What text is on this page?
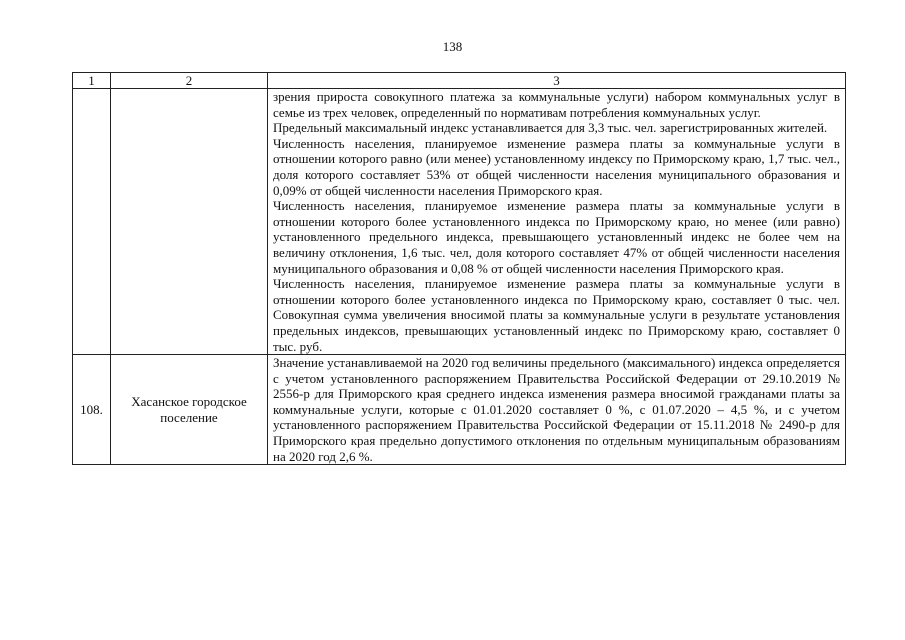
138
1	2	3

		зрения прироста совокупного платежа за коммунальные услуги) набором коммунальных услуг в семье из трех человек, определенный по нормативам потребления коммунальных услуг.

Предельный максимальный индекс устанавливается для 3,3 тыс. чел. зарегистрированных жителей.

Численность населения, планируемое изменение размера платы за коммунальные услуги в отношении которого равно (или менее) установленному индексу по Приморскому краю, 1,7 тыс. чел., доля которого составляет 53% от общей численности населения муниципального образования и 0,09% от общей численности населения Приморского края.

Численность населения, планируемое изменение размера платы за коммунальные услуги в отношении которого более установленного индекса по Приморскому краю, но менее (или равно) установленного предельного индекса, превышающего установленный индекс не более чем на величину отклонения, 1,6 тыс. чел, доля которого составляет 47% от общей численности населения муниципального образования и 0,08 % от общей численности населения Приморского края.

Численность населения, планируемое изменение размера платы за коммунальные услуги в отношении которого более установленного индекса по Приморскому краю, составляет 0 тыс. чел. Совокупная сумма увеличения вносимой платы за коммунальные услуги в результате установления предельных индексов, превышающих установленный индекс по Приморскому краю, составляет 0 тыс. руб.

108.	Хасанское городское поселение	Значение устанавливаемой на 2020 год величины предельного (максимального) индекса определяется с учетом установленного распоряжением Правительства Российской Федерации от 29.10.2019 № 2556-р для Приморского края среднего индекса изменения размера вносимой гражданами платы за коммунальные услуги, которые с 01.01.2020 составляет 0 %, с 01.07.2020 – 4,5 %, и с учетом установленного распоряжением Правительства Российской Федерации от 15.11.2018 № 2490-р для Приморского края предельно допустимого отклонения по отдельным муниципальным образованиям на 2020 год 2,6 %.
